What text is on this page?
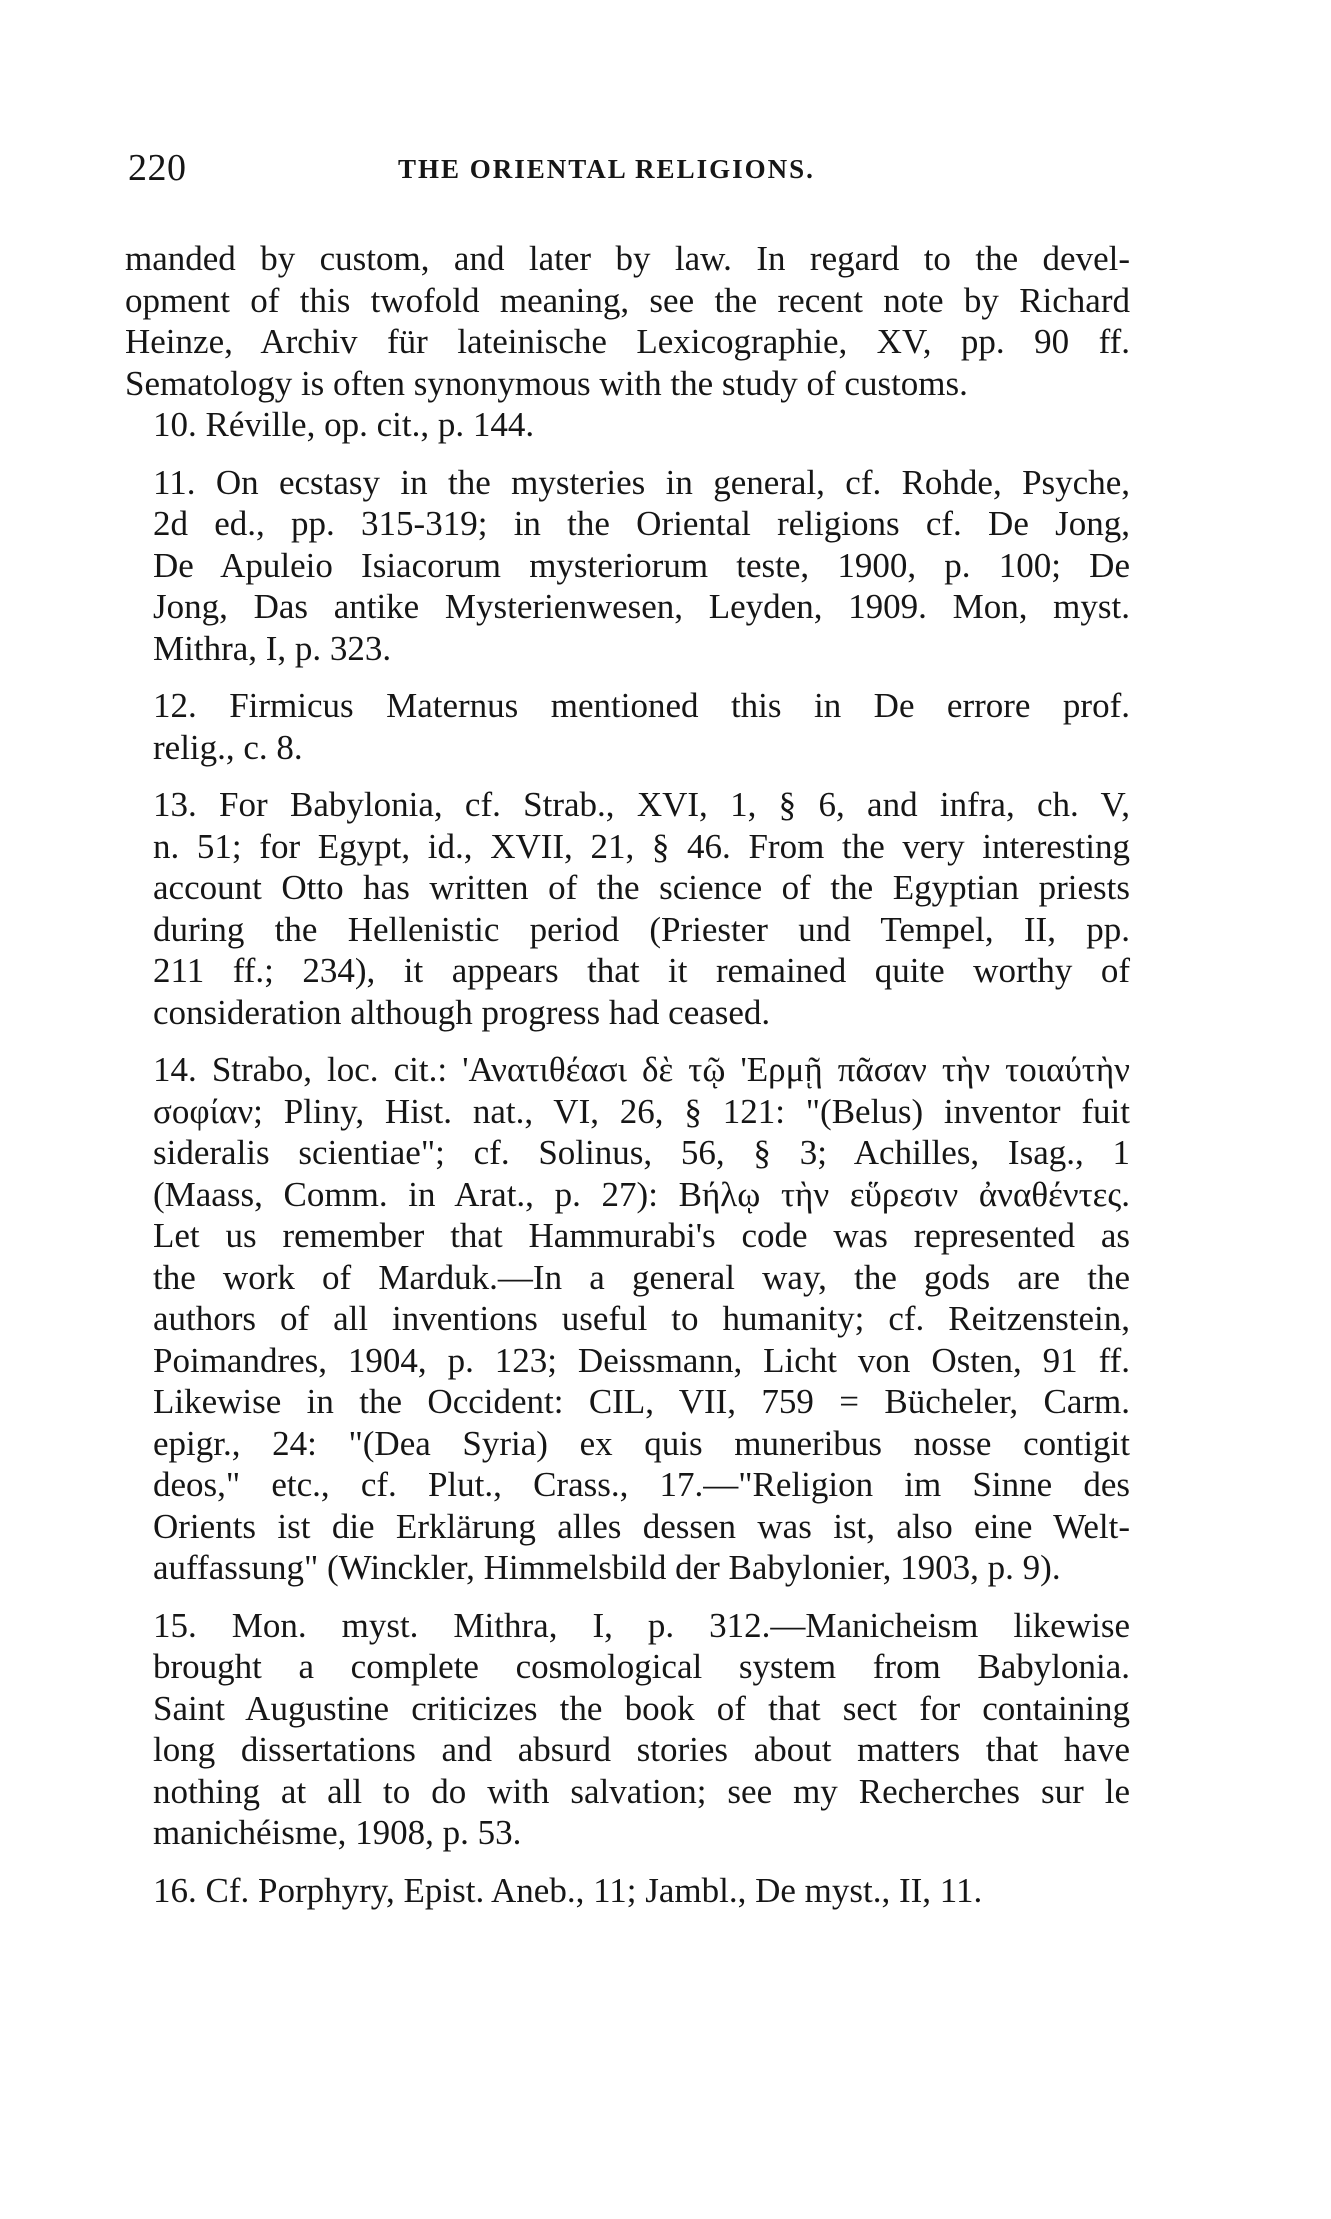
220	THE ORIENTAL RELIGIONS.
manded by custom, and later by law. In regard to the devel-
opment of this twofold meaning, see the recent note by Richard
Heinze, Archiv für lateinische Lexicographie, XV, pp. 90 ff.
Sematology is often synonymous with the study of customs.
10. Réville, op. cit., p. 144.
11. On ecstasy in the mysteries in general, cf. Rohde, Psyche,
2d ed., pp. 315-319; in the Oriental religions cf. De Jong,
De Apuleio Isiacorum mysteriorum teste, 1900, p. 100; De
Jong, Das antike Mysterienwesen, Leyden, 1909. Mon, myst.
Mithra, I, p. 323.
12. Firmicus Maternus mentioned this in De errore prof.
relig., c. 8.
13. For Babylonia, cf. Strab., XVI, 1, § 6, and infra, ch. V,
n. 51; for Egypt, id., XVII, 21, § 46. From the very interesting
account Otto has written of the science of the Egyptian priests
during the Hellenistic period (Priester und Tempel, II, pp.
211 ff.; 234), it appears that it remained quite worthy of
consideration although progress had ceased.
14. Strabo, loc. cit.: 'Ανατιθέασι δὲ τῷ 'Ερμῇ πᾶσαν τὴν τοιαύτὴν
σοφίαν; Pliny, Hist. nat., VI, 26, § 121: "(Belus) inventor fuit
sideralis scientiae"; cf. Solinus, 56, § 3; Achilles, Isag., 1
(Maass, Comm. in Arat., p. 27): Βήλῳ τὴν εὕρεσιν ἀναθέντες.
Let us remember that Hammurabi's code was represented as
the work of Marduk.—In a general way, the gods are the
authors of all inventions useful to humanity; cf. Reitzenstein,
Poimandres, 1904, p. 123; Deissmann, Licht von Osten, 91 ff.
Likewise in the Occident: CIL, VII, 759 = Bücheler, Carm.
epigr., 24: "(Dea Syria) ex quis muneribus nosse contigit
deos," etc., cf. Plut., Crass., 17.—"Religion im Sinne des
Orients ist die Erklärung alles dessen was ist, also eine Welt-
auffassung" (Winckler, Himmelsbild der Babylonier, 1903, p. 9).
15. Mon. myst. Mithra, I, p. 312.—Manicheism likewise
brought a complete cosmological system from Babylonia.
Saint Augustine criticizes the book of that sect for containing
long dissertations and absurd stories about matters that have
nothing at all to do with salvation; see my Recherches sur le
manichéisme, 1908, p. 53.
16. Cf. Porphyry, Epist. Aneb., 11; Jambl., De myst., II, 11.
